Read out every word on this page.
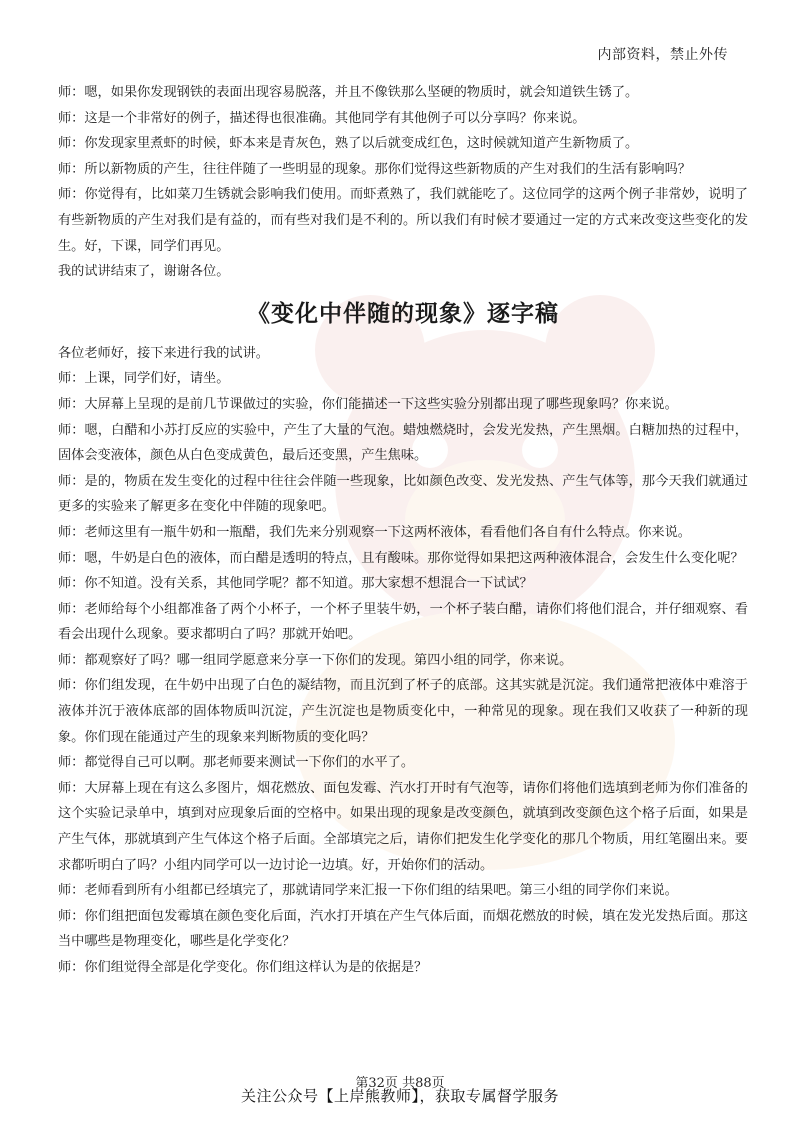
内部资料，禁止外传

师：嗯，如果你发现钢铁的表面出现容易脱落，并且不像铁那么坚硬的物质时，就会知道铁生锈了。

师：这是一个非常好的例子，描述得也很准确。其他同学有其他例子可以分享吗？你来说。

师：你发现家里煮虾的时候，虾本来是青灰色，熟了以后就变成红色，这时候就知道产生新物质了。

师：所以新物质的产生，往往伴随了一些明显的现象。那你们觉得这些新物质的产生对我们的生活有影响吗？

师：你觉得有，比如菜刀生锈就会影响我们使用。而虾煮熟了，我们就能吃了。这位同学的这两个例子非常妙，说明了有些新物质的产生对我们是有益的，而有些对我们是不利的。所以我们有时候才要通过一定的方式来改变这些变化的发生。好，下课，同学们再见。

我的试讲结束了，谢谢各位。

《变化中伴随的现象》逐字稿

各位老师好，接下来进行我的试讲。

师：上课，同学们好，请坐。

师：大屏幕上呈现的是前几节课做过的实验，你们能描述一下这些实验分别都出现了哪些现象吗？你来说。

师：嗯，白醋和小苏打反应的实验中，产生了大量的气泡。蜡烛燃烧时，会发光发热，产生黑烟。白糖加热的过程中，固体会变液体，颜色从白色变成黄色，最后还变黑，产生焦味。

师：是的，物质在发生变化的过程中往往会伴随一些现象，比如颜色改变、发光发热、产生气体等，那今天我们就通过更多的实验来了解更多在变化中伴随的现象吧。

师：老师这里有一瓶牛奶和一瓶醋，我们先来分别观察一下这两杯液体，看看他们各自有什么特点。你来说。

师：嗯，牛奶是白色的液体，而白醋是透明的特点，且有酸味。那你觉得如果把这两种液体混合，会发生什么变化呢？

师：你不知道。没有关系，其他同学呢？都不知道。那大家想不想混合一下试试？

师：老师给每个小组都准备了两个小杯子，一个杯子里装牛奶，一个杯子装白醋，请你们将他们混合，并仔细观察、看看会出现什么现象。要求都明白了吗？那就开始吧。

师：都观察好了吗？哪一组同学愿意来分享一下你们的发现。第四小组的同学，你来说。

师：你们组发现，在牛奶中出现了白色的凝结物，而且沉到了杯子的底部。这其实就是沉淀。我们通常把液体中难溶于液体并沉于液体底部的固体物质叫沉淀，产生沉淀也是物质变化中，一种常见的现象。现在我们又收获了一种新的现象。你们现在能通过产生的现象来判断物质的变化吗？

师：都觉得自己可以啊。那老师要来测试一下你们的水平了。

师：大屏幕上现在有这么多图片，烟花燃放、面包发霉、汽水打开时有气泡等，请你们将他们选填到老师为你们准备的这个实验记录单中，填到对应现象后面的空格中。如果出现的现象是改变颜色，就填到改变颜色这个格子后面，如果是产生气体，那就填到产生气体这个格子后面。全部填完之后，请你们把发生化学变化的那几个物质，用红笔圈出来。要求都听明白了吗？小组内同学可以一边讨论一边填。好，开始你们的活动。

师：老师看到所有小组都已经填完了，那就请同学来汇报一下你们组的结果吧。第三小组的同学你们来说。

师：你们组把面包发霉填在颜色变化后面，汽水打开填在产生气体后面，而烟花燃放的时候，填在发光发热后面。那这当中哪些是物理变化，哪些是化学变化？

师：你们组觉得全部是化学变化。你们组这样认为是的依据是？

第32页 共88页
关注公众号【上岸熊教师】，获取专属督学服务
